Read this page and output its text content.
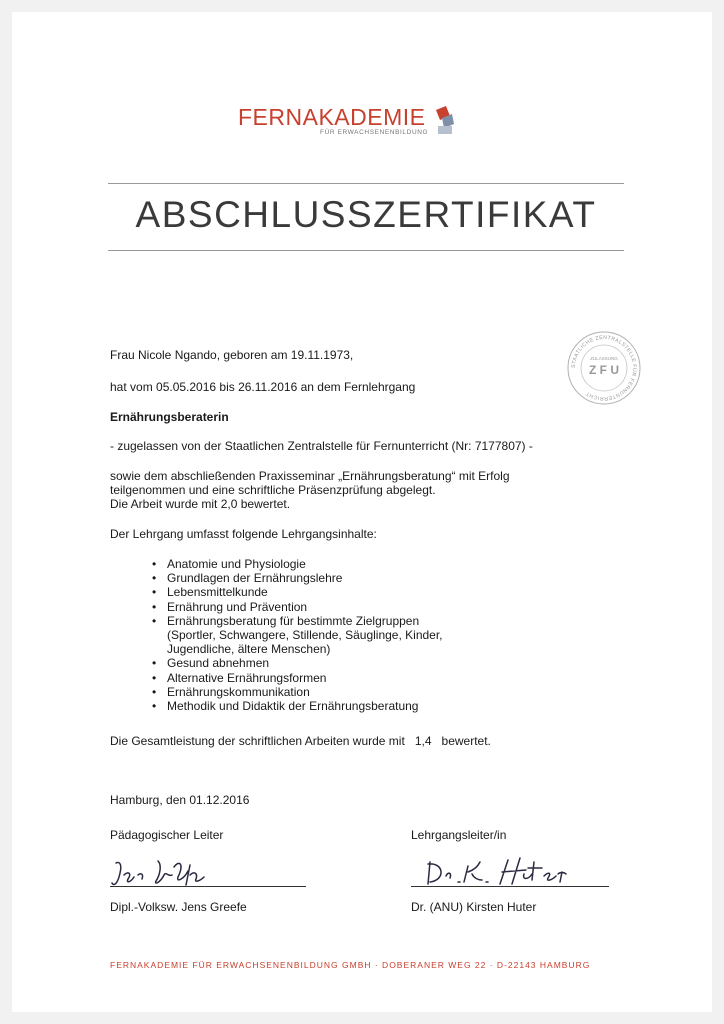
FERNAKADEMIE
FÜR ERWACHSENENBILDUNG
ABSCHLUSSZERTIFIKAT
STAATLICHE ZENTRALSTELLE FÜR FERNUNTERRICHT
ZULASSUNG
Z F U
Frau Nicole Ngando, geboren am 19.11.1973,
hat vom 05.05.2016 bis 26.11.2016 an dem Fernlehrgang
Ernährungsberaterin
- zugelassen von der Staatlichen Zentralstelle für Fernunterricht (Nr: 7177807) -
sowie dem abschließenden Praxisseminar „Ernährungsberatung“ mit Erfolg
teilgenommen und eine schriftliche Präsenzprüfung abgelegt.
Die Arbeit wurde mit 2,0 bewertet.
Der Lehrgang umfasst folgende Lehrgangsinhalte:
• Anatomie und Physiologie
• Grundlagen der Ernährungslehre
• Lebensmittelkunde
• Ernährung und Prävention
• Ernährungsberatung für bestimmte Zielgruppen
(Sportler, Schwangere, Stillende, Säuglinge, Kinder,
Jugendliche, ältere Menschen)
• Gesund abnehmen
• Alternative Ernährungsformen
• Ernährungskommunikation
• Methodik und Didaktik der Ernährungsberatung
Die Gesamtleistung der schriftlichen Arbeiten wurde mit 1,4 bewertet.
Hamburg, den 01.12.2016
Pädagogischer Leiter	Lehrgangsleiter/in
Dipl.-Volksw. Jens Greefe	Dr. (ANU) Kirsten Huter
FERNAKADEMIE FÜR ERWACHSENENBILDUNG GMBH · DOBERANER WEG 22 · D-22143 HAMBURG
